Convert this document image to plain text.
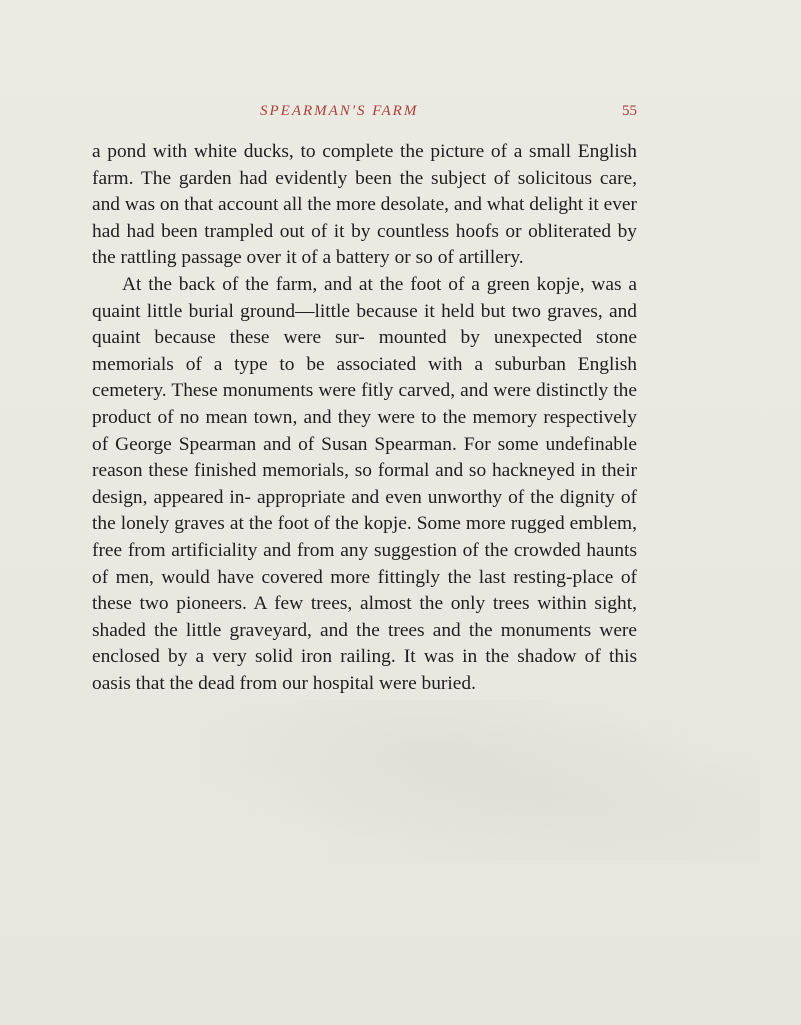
SPEARMAN'S FARM	55

a pond with white ducks, to complete the picture of a small English farm. The garden had evidently been the subject of solicitous care, and was on that account all the more desolate, and what delight it ever had had been trampled out of it by countless hoofs or obliterated by the rattling passage over it of a battery or so of artillery.

At the back of the farm, and at the foot of a green kopje, was a quaint little burial ground—little because it held but two graves, and quaint because these were sur- mounted by unexpected stone memorials of a type to be associated with a suburban English cemetery. These monuments were fitly carved, and were distinctly the product of no mean town, and they were to the memory respectively of George Spearman and of Susan Spearman. For some undefinable reason these finished memorials, so formal and so hackneyed in their design, appeared in- appropriate and even unworthy of the dignity of the lonely graves at the foot of the kopje. Some more rugged emblem, free from artificiality and from any suggestion of the crowded haunts of men, would have covered more fittingly the last resting-place of these two pioneers. A few trees, almost the only trees within sight, shaded the little graveyard, and the trees and the monuments were enclosed by a very solid iron railing. It was in the shadow of this oasis that the dead from our hospital were buried.
